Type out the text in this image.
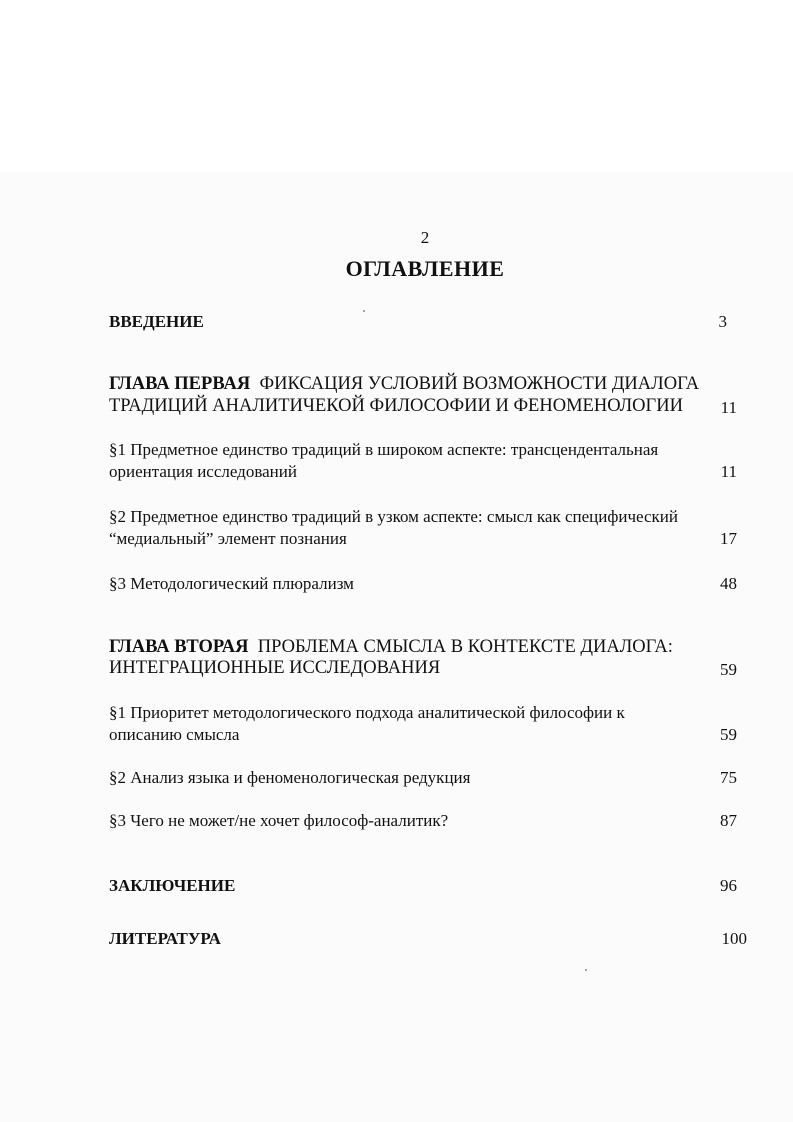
2
ОГЛАВЛЕНИЕ
ВВЕДЕНИЕ	3
ГЛАВА ПЕРВАЯ ФИКСАЦИЯ УСЛОВИЙ ВОЗМОЖНОСТИ ДИАЛОГА
ТРАДИЦИЙ АНАЛИТИЧЕКОЙ ФИЛОСОФИИ И ФЕНОМЕНОЛОГИИ 11
§1 Предметное единство традиций в широком аспекте: трансцендентальная
ориентация исследований	11
§2 Предметное единство традиций в узком аспекте: смысл как специфический
“медиальный” элемент познания	17
§3 Методологический плюрализм	48
ГЛАВА ВТОРАЯ ПРОБЛЕМА СМЫСЛА В КОНТЕКСТЕ ДИАЛОГА:
ИНТЕГРАЦИОННЫЕ ИССЛЕДОВАНИЯ	59
§1 Приоритет методологического подхода аналитической философии к
описанию смысла	59
§2 Анализ языка и феноменологическая редукция	75
§3 Чего не может/не хочет философ-аналитик?	87
ЗАКЛЮЧЕНИЕ	96
ЛИТЕРАТУРА	100
